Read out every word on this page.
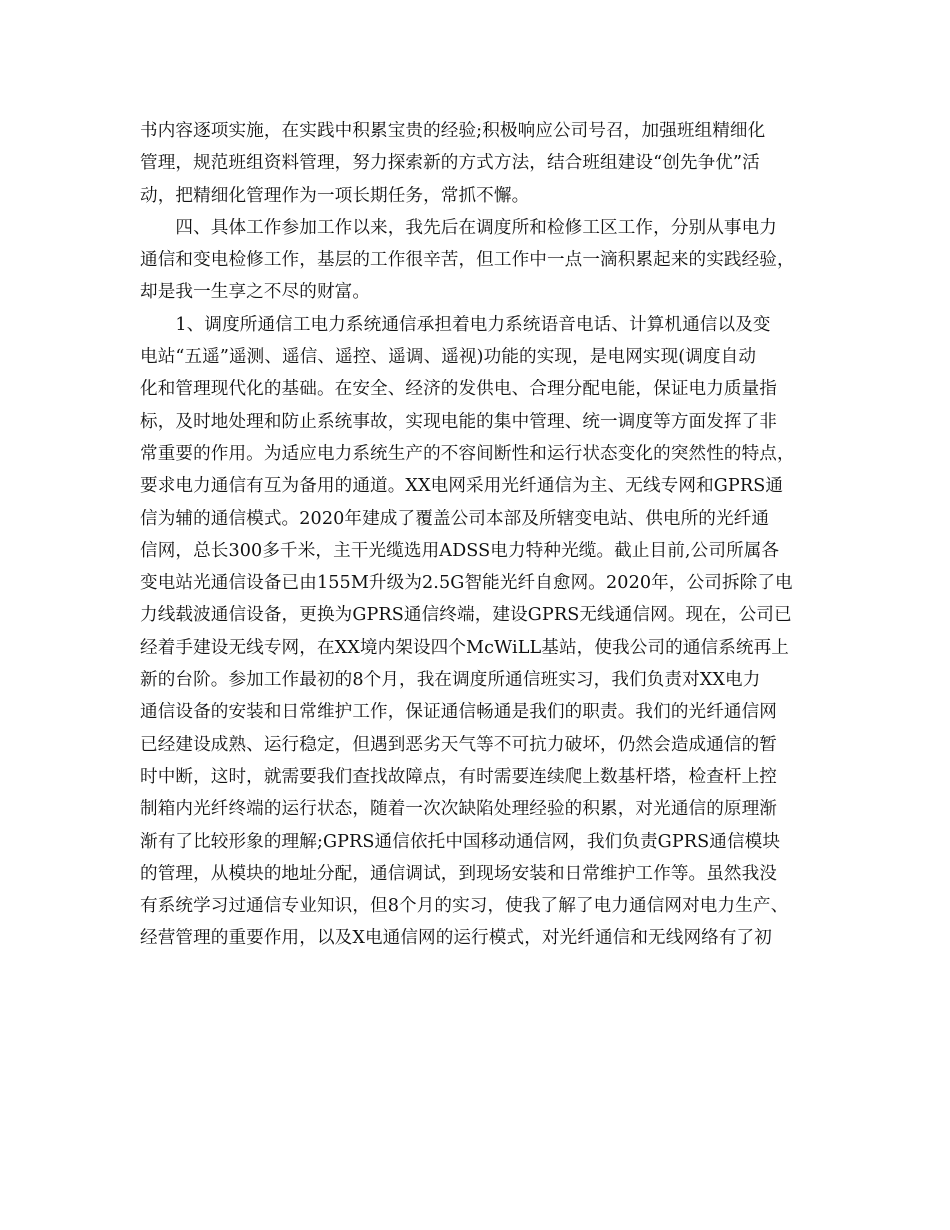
书内容逐项实施，在实践中积累宝贵的经验;积极响应公司号召，加强班组精细化
管理，规范班组资料管理，努力探索新的方式方法，结合班组建设“创先争优”活
动，把精细化管理作为一项长期任务，常抓不懈。
　　四、具体工作参加工作以来，我先后在调度所和检修工区工作，分别从事电力
通信和变电检修工作，基层的工作很辛苦，但工作中一点一滴积累起来的实践经验，
却是我一生享之不尽的财富。
　　1、调度所通信工电力系统通信承担着电力系统语音电话、计算机通信以及变
电站“五遥”遥测、遥信、遥控、遥调、遥视)功能的实现，是电网实现(调度自动
化和管理现代化的基础。在安全、经济的发供电、合理分配电能，保证电力质量指
标，及时地处理和防止系统事故，实现电能的集中管理、统一调度等方面发挥了非
常重要的作用。为适应电力系统生产的不容间断性和运行状态变化的突然性的特点，
要求电力通信有互为备用的通道。XX电网采用光纤通信为主、无线专网和GPRS通
信为辅的通信模式。2020年建成了覆盖公司本部及所辖变电站、供电所的光纤通
信网，总长300多千米，主干光缆选用ADSS电力特种光缆。截止目前,公司所属各
变电站光通信设备已由155M升级为2.5G智能光纤自愈网。2020年，公司拆除了电
力线载波通信设备，更换为GPRS通信终端，建设GPRS无线通信网。现在，公司已
经着手建设无线专网，在XX境内架设四个McWiLL基站，使我公司的通信系统再上
新的台阶。参加工作最初的8个月，我在调度所通信班实习，我们负责对XX电力
通信设备的安装和日常维护工作，保证通信畅通是我们的职责。我们的光纤通信网
已经建设成熟、运行稳定，但遇到恶劣天气等不可抗力破坏，仍然会造成通信的暂
时中断，这时，就需要我们查找故障点，有时需要连续爬上数基杆塔，检查杆上控
制箱内光纤终端的运行状态，随着一次次缺陷处理经验的积累，对光通信的原理渐
渐有了比较形象的理解;GPRS通信依托中国移动通信网，我们负责GPRS通信模块
的管理，从模块的地址分配，通信调试，到现场安装和日常维护工作等。虽然我没
有系统学习过通信专业知识，但8个月的实习，使我了解了电力通信网对电力生产、
经营管理的重要作用，以及X电通信网的运行模式，对光纤通信和无线网络有了初
